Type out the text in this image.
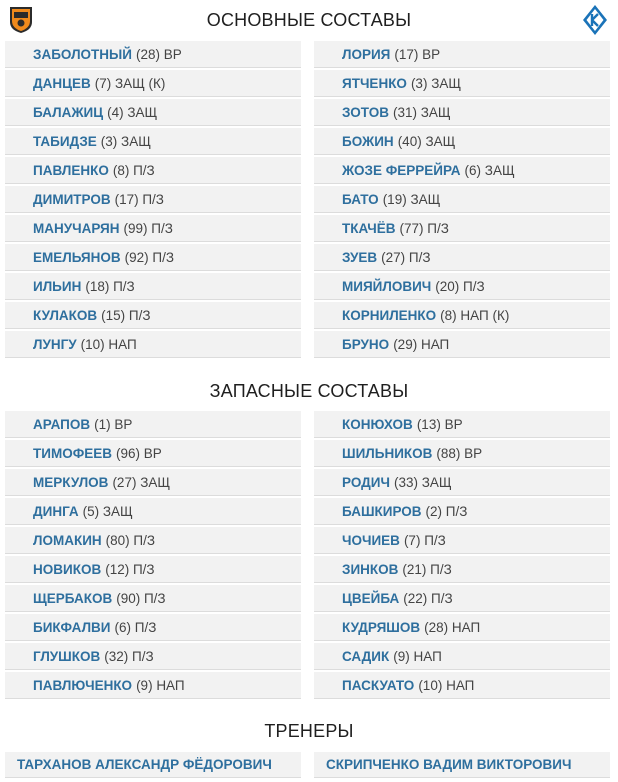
ОСНОВНЫЕ СОСТАВЫ
ЗАБОЛОТНЫЙ (28) ВР
ДАНЦЕВ (7) ЗАЩ (К)
БАЛАЖИЦ (4) ЗАЩ
ТАБИДЗЕ (3) ЗАЩ
ПАВЛЕНКО (8) П/З
ДИМИТРОВ (17) П/З
МАНУЧАРЯН (99) П/З
ЕМЕЛЬЯНОВ (92) П/З
ИЛЬИН (18) П/З
КУЛАКОВ (15) П/З
ЛУНГУ (10) НАП
ЛОРИЯ (17) ВР
ЯТЧЕНКО (3) ЗАЩ
ЗОТОВ (31) ЗАЩ
БОЖИН (40) ЗАЩ
ЖОЗЕ ФЕРРЕЙРА (6) ЗАЩ
БАТО (19) ЗАЩ
ТКАЧЁВ (77) П/З
ЗУЕВ (27) П/З
МИЯЙЛОВИЧ (20) П/З
КОРНИЛЕНКО (8) НАП (К)
БРУНО (29) НАП
ЗАПАСНЫЕ СОСТАВЫ
АРАПОВ (1) ВР
ТИМОФЕЕВ (96) ВР
МЕРКУЛОВ (27) ЗАЩ
ДИНГА (5) ЗАЩ
ЛОМАКИН (80) П/З
НОВИКОВ (12) П/З
ЩЕРБАКОВ (90) П/З
БИКФАЛВИ (6) П/З
ГЛУШКОВ (32) П/З
ПАВЛЮЧЕНКО (9) НАП
КОНЮХОВ (13) ВР
ШИЛЬНИКОВ (88) ВР
РОДИЧ (33) ЗАЩ
БАШКИРОВ (2) П/З
ЧОЧИЕВ (7) П/З
ЗИНКОВ (21) П/З
ЦВЕЙБА (22) П/З
КУДРЯШОВ (28) НАП
САДИК (9) НАП
ПАСКУАТО (10) НАП
ТРЕНЕРЫ
ТАРХАНОВ АЛЕКСАНДР ФЁДОРОВИЧ	СКРИПЧЕНКО ВАДИМ ВИКТОРОВИЧ
